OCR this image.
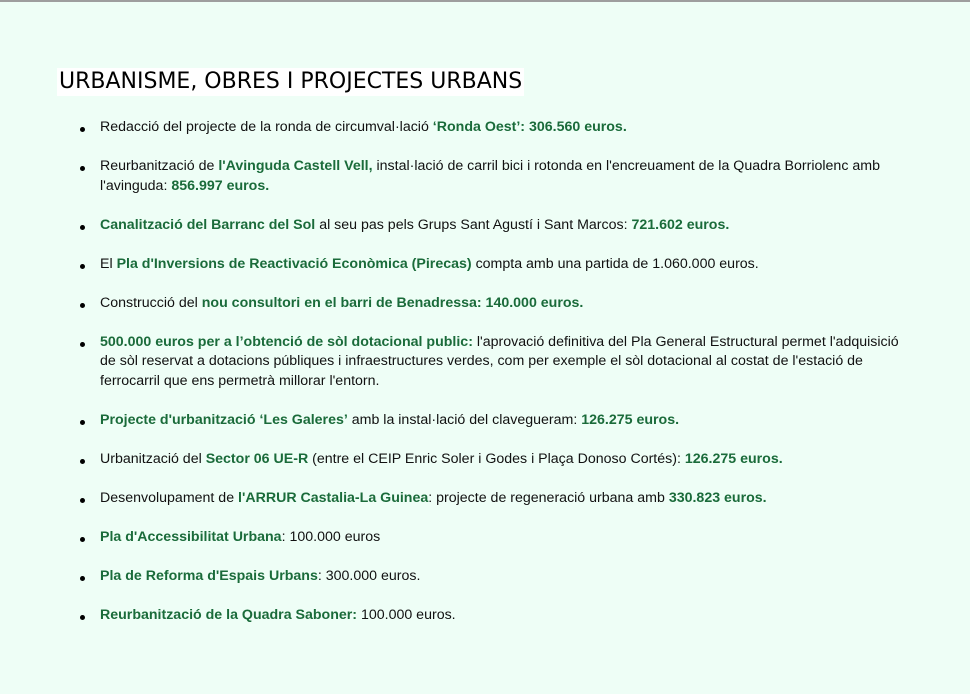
URBANISME, OBRES I PROJECTES URBANS
Redacció del projecte de la ronda de circumval·lació ‘Ronda Oest’: 306.560 euros.
Reurbanització de l'Avinguda Castell Vell, instal·lació de carril bici i rotonda en l'encreuament de la Quadra Borriolenc amb l'avinguda: 856.997 euros.
Canalització del Barranc del Sol al seu pas pels Grups Sant Agustí i Sant Marcos: 721.602 euros.
El Pla d'Inversions de Reactivació Econòmica (Pirecas) compta amb una partida de 1.060.000 euros.
Construcció del nou consultori en el barri de Benadressa: 140.000 euros.
500.000 euros per a l’obtenció de sòl dotacional public: l'aprovació definitiva del Pla General Estructural permet l'adquisició de sòl reservat a dotacions públiques i infraestructures verdes, com per exemple el sòl dotacional al costat de l'estació de ferrocarril que ens permetrà millorar l'entorn.
Projecte d'urbanització ‘Les Galeres’ amb la instal·lació del clavegueram: 126.275 euros.
Urbanització del Sector 06 UE-R (entre el CEIP Enric Soler i Godes i Plaça Donoso Cortés): 126.275 euros.
Desenvolupament de l'ARRUR Castalia-La Guinea: projecte de regeneració urbana amb 330.823 euros.
Pla d'Accessibilitat Urbana: 100.000 euros
Pla de Reforma d'Espais Urbans: 300.000 euros.
Reurbanització de la Quadra Saboner: 100.000 euros.
